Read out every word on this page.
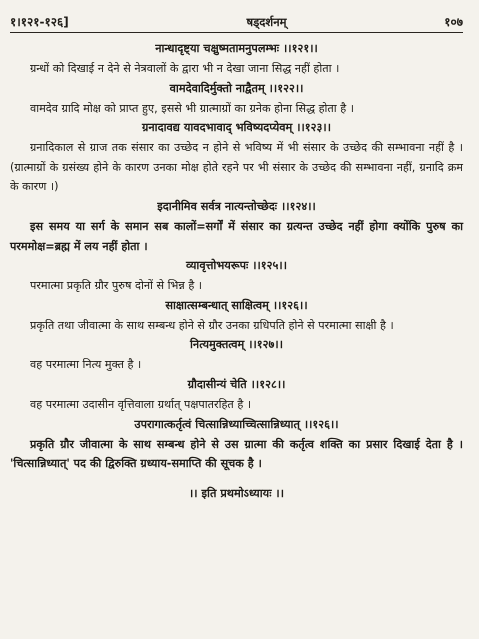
१।१२१-१२६]	षड्दर्शनम्	१०७
नान्धादृष्ट्या चक्षुष्मतामनुपलम्भः ।।१२१।।

ग्रन्धों को दिखाई न देने से नेत्रवालों के द्वारा भी न देखा जाना सिद्ध नहीं होता ।

वामदेवादिर्मुक्तो नाद्वैतम् ।।१२२।।

वामदेव ग्रादि मोक्ष को प्राप्त हुए, इससे भी ग्रात्माग्रों का ग्रनेक होना सिद्ध होता है ।

ग्रनादावद्य यावदभावाद् भविष्यदप्येवम् ।।१२३।।

ग्रनादिकाल से ग्राज तक संसार का उच्छेद न होने से भविष्य में भी संसार के उच्छेद की सम्भावना नहीं है । (ग्रात्माग्रों के ग्रसंख्य होने के कारण उनका मोक्ष होते रहने पर भी संसार के उच्छेद की सम्भावना नहीं, ग्रनादि क्रम के कारण ।)

इदानीमिव सर्वत्र नात्यन्तोच्छेदः ।।१२४।।

इस समय या सर्ग के समान सब कालों=सर्गों में संसार का ग्रत्यन्त उच्छेद नहीं होगा क्योंकि पुरुष का परममोक्ष=ब्रह्म में लय नहीं होता ।

व्यावृत्तोभयरूपः ।।१२५।।

परमात्मा प्रकृति ग्रौर पुरुष दोनों से भिन्न है ।

साक्षात्सम्बन्धात् साक्षित्वम् ।।१२६।।

प्रकृति तथा जीवात्मा के साथ सम्बन्ध होने से ग्रौर उनका ग्रधिपति होने से परमात्मा साक्षी है ।

नित्यमुक्तत्वम् ।।१२७।।

वह परमात्मा नित्य मुक्त है ।

ग्रौदासीन्यं चेति ।।१२८।।

वह परमात्मा उदासीन वृत्तिवाला ग्रर्थात् पक्षपातरहित है ।

उपरागात्कर्तृत्वं चित्सान्निध्याच्चित्सान्निध्यात् ।।१२६।।

प्रकृति ग्रौर जीवात्मा के साथ सम्बन्ध होने से उस ग्रात्मा की कर्तृत्व शक्ति का प्रसार दिखाई देता है । 'चित्सान्निध्यात्' पद की द्विरुक्ति ग्रध्याय-समाप्ति की सूचक है ।

।। इति प्रथमोऽध्यायः ।।
